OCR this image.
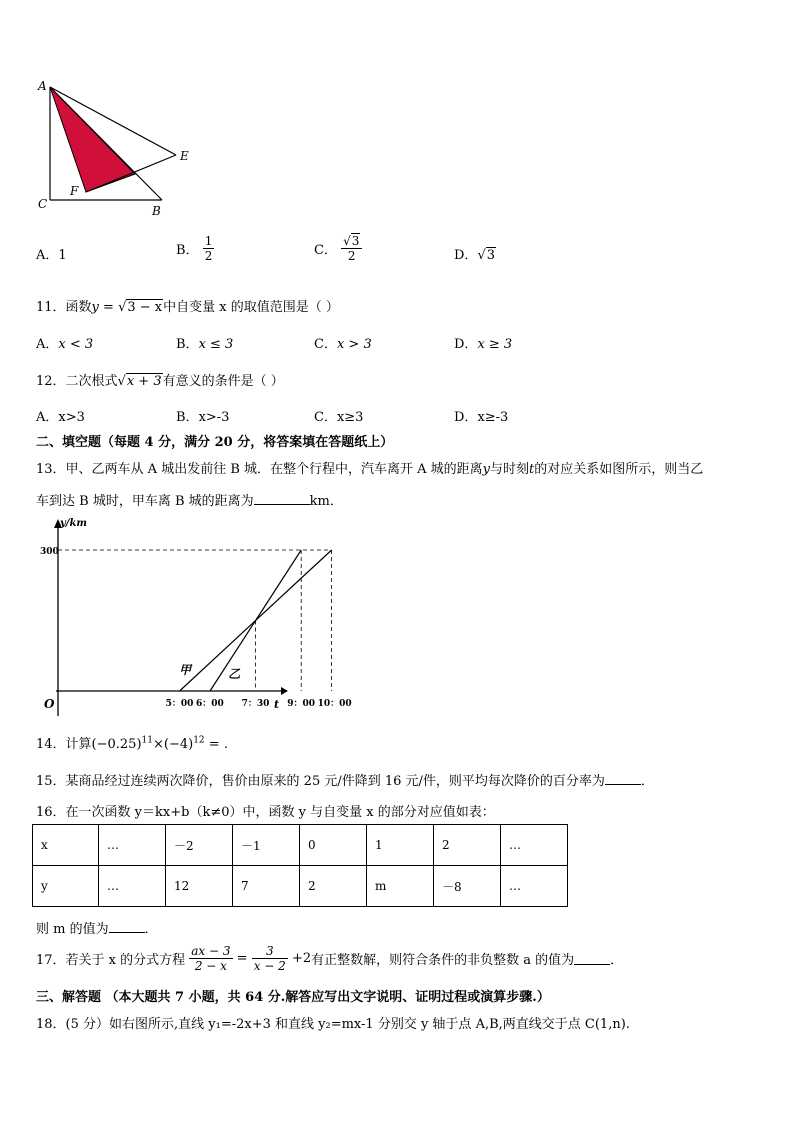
A
E
C
F
B
A．1	B． $\frac{1}{2}$	C． $\frac{√3}{2}$	D．√3
11．函数y = √3 − x中自变量 x 的取值范围是（ ）
A．x < 3	B．x ≤ 3	C．x > 3	D．x ≥ 3
12．二次根式√x + 3有意义的条件是（ ）
A．x>3	B．x>-3	C．x≥3	D．x≥-3
二、填空题（每题 4 分，满分 20 分，将答案填在答题纸上）
13．甲、乙两车从 A 城出发前往 B 城．在整个行程中，汽车离开 A 城的距离y与时刻t的对应关系如图所示，则当乙
车到达 B 城时，甲车离 B 城的距离为	km．
y/km
t
O
300
5：00 6：00 7：30 9：00 10：00
甲	乙
14．计算$(-0.25)^{11}\times(-4)^{12}$ = .
15．某商品经过连续两次降价，售价由原来的 25 元/件降到 16 元/件，则平均每次降价的百分率为	．
16．在一次函数 y＝kx+b（k≠0）中，函数 y 与自变量 x 的部分对应值如表：
x	…	－2	－1	0	1	2	…
y	…	12	7	2	m	－8	…
则 m 的值为	．
17．若关于 x 的分式方程 $\frac{ax - 3}{2 - x} = \frac{3}{x - 2} +2$有正整数解，则符合条件的非负整数 a 的值为	．
三、解答题 （本大题共 7 小题，共 64 分.解答应写出文字说明、证明过程或演算步骤.）
18．(5 分）如右图所示,直线 y₁=-2x+3 和直线 y₂=mx-1 分别交 y 轴于点 A,B,两直线交于点 C(1,n).
